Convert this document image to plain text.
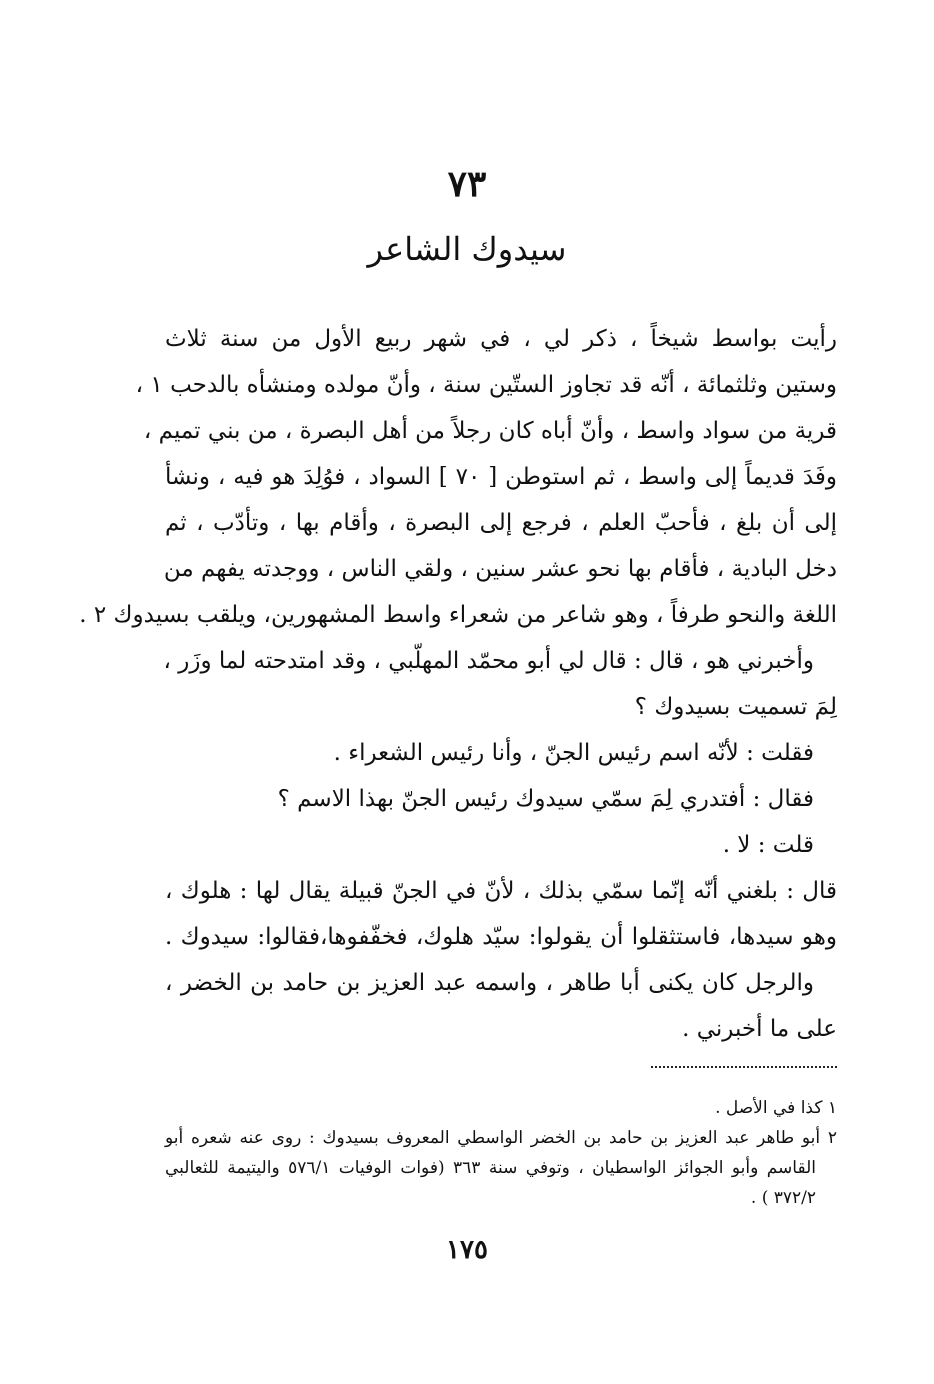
٧٣
سيدوك الشاعر
رأيت بواسط شيخاً ، ذكر لي ، في شهر ربيع الأول من سنة ثلاث
وستين وثلثمائة ، أنّه قد تجاوز الستّين سنة ، وأنّ مولده ومنشأه بالدحب ١ ،
قرية من سواد واسط ، وأنّ أباه كان رجلاً من أهل البصرة ، من بني تميم ،
وفَدَ قديماً إلى واسط ، ثم استوطن [ ٧٠ ] السواد ، فوُلِدَ هو فيه ، ونشأ
إلى أن بلغ ، فأحبّ العلم ، فرجع إلى البصرة ، وأقام بها ، وتأدّب ، ثم
دخل البادية ، فأقام بها نحو عشر سنين ، ولقي الناس ، ووجدته يفهم من
اللغة والنحو طرفاً ، وهو شاعر من شعراء واسط المشهورين، ويلقب بسيدوك ٢ .
وأخبرني هو ، قال : قال لي أبو محمّد المهلّبي ، وقد امتدحته لما وزَر ،
لِمَ تسميت بسيدوك ؟
فقلت : لأنّه اسم رئيس الجنّ ، وأنا رئيس الشعراء .
فقال : أفتدري لِمَ سمّي سيدوك رئيس الجنّ بهذا الاسم ؟
قلت : لا .
قال : بلغني أنّه إنّما سمّي بذلك ، لأنّ في الجنّ قبيلة يقال لها : هلوك ،
وهو سيدها، فاستثقلوا أن يقولوا: سيّد هلوك، فخفّفوها،فقالوا: سيدوك .
والرجل كان يكنى أبا طاهر ، واسمه عبد العزيز بن حامد بن الخضر ،
على ما أخبرني .
١ كذا في الأصل .
٢ أبو طاهر عبد العزيز بن حامد بن الخضر الواسطي المعروف بسيدوك : روى عنه شعره أبو
القاسم وأبو الجوائز الواسطيان ، وتوفي سنة ٣٦٣ (فوات الوفيات ٥٧٦/١ واليتيمة للثعالبي
٣٧٢/٢ ) .
١٧٥
